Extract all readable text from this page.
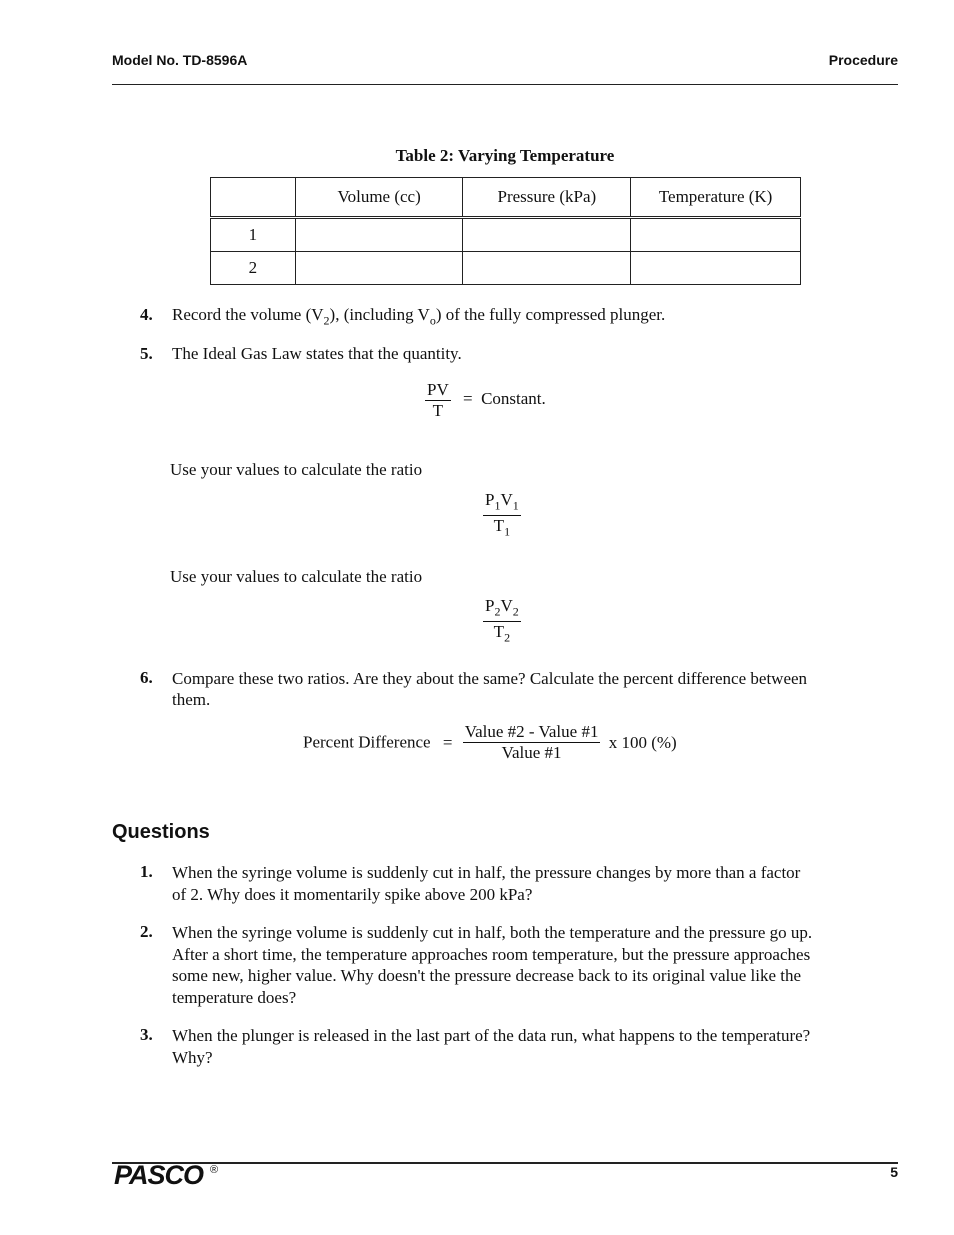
Model No. TD-8596A	Procedure
Table 2: Varying Temperature
	Volume (cc)	Pressure (kPa)	Temperature (K)
1			
2			
4. Record the volume $(V_2)$, (including $V_o$) of the fully compressed plunger.
5. The Ideal Gas Law states that the quantity.
$\frac{PV}{T}$ =  Constant.
Use your values to calculate the ratio
$\frac{P_1V_1}{T_1}$
Use your values to calculate the ratio
$\frac{P_2V_2}{T_2}$
6. Compare these two ratios. Are they about the same? Calculate the percent difference between
them.
Percent Difference = $\frac{\text{Value \#2 - Value \#1}}{\text{Value \#1}}$ x 100 (%)
Questions
1. When the syringe volume is suddenly cut in half, the pressure changes by more than a factor
of 2. Why does it momentarily spike above 200 kPa?
2. When the syringe volume is suddenly cut in half, both the temperature and the pressure go up.
After a short time, the temperature approaches room temperature, but the pressure approaches
some new, higher value. Why doesn't the pressure decrease back to its original value like the
temperature does?
3. When the plunger is released in the last part of the data run, what happens to the temperature?
Why?
PASCO ®	5
